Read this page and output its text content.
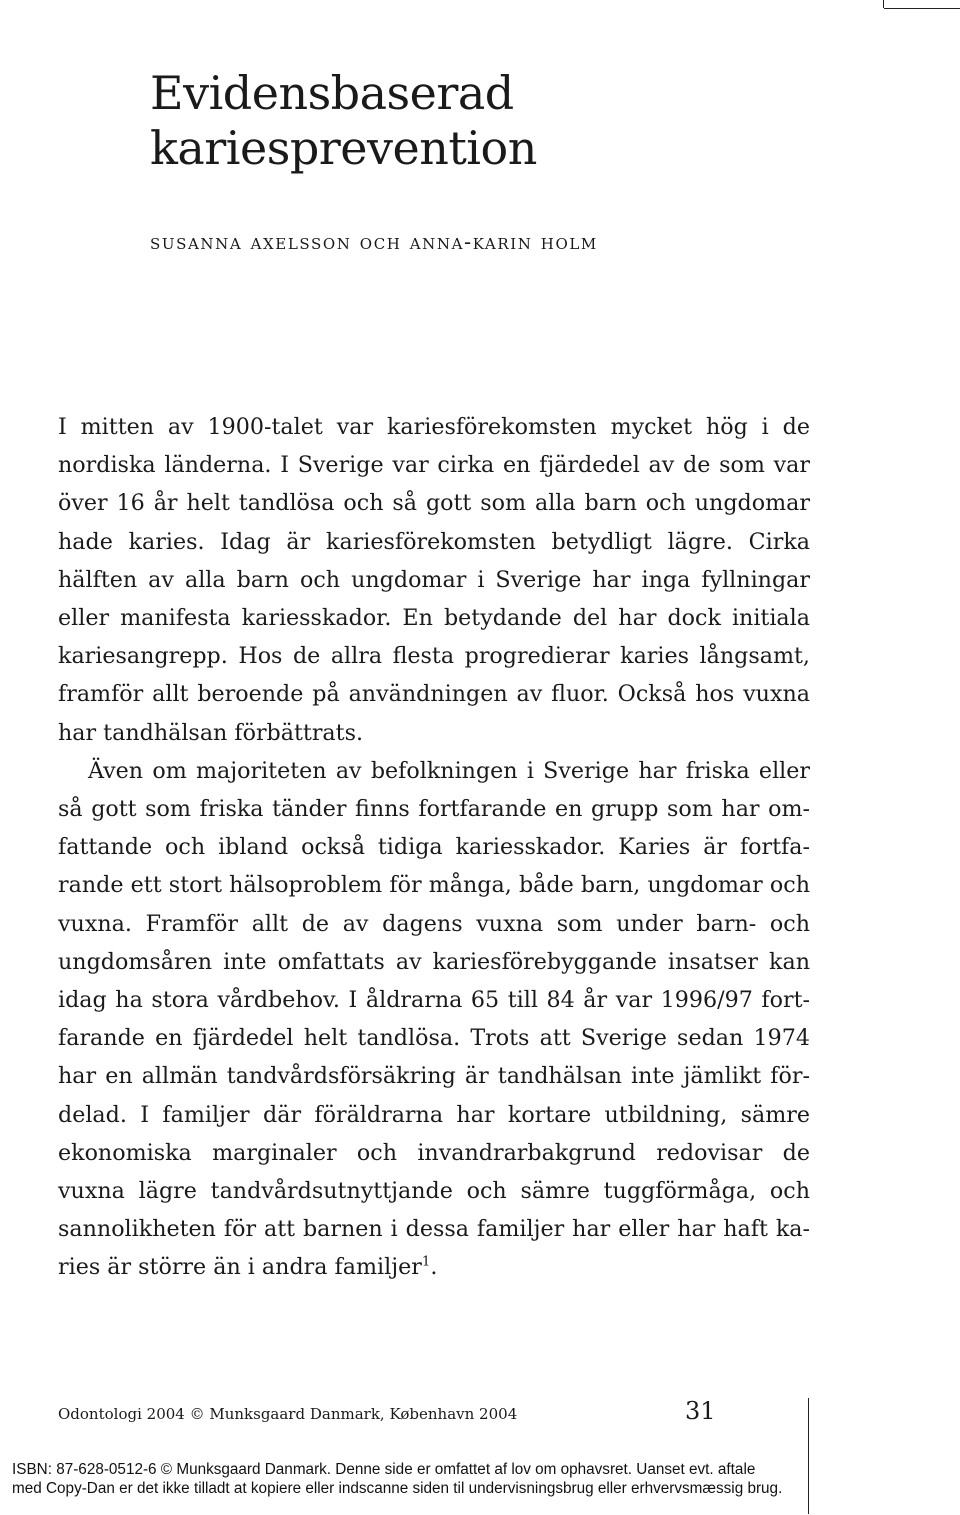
Evidensbaserad
kariesprevention
susanna axelsson och anna-karin holm

I mitten av 1900-talet var kariesförekomsten mycket hög i de nordiska länderna. I Sverige var cirka en fjärdedel av de som var över 16 år helt tandlösa och så gott som alla barn och ungdomar hade karies. Idag är kariesförekomsten betydligt lägre. Cirka hälften av alla barn och ungdomar i Sverige har inga fyllningar eller manifesta kariesskador. En betydande del har dock initiala kariesangrepp. Hos de allra flesta progredierar karies långsamt, framför allt beroende på användningen av fluor. Också hos vuxna har tandhälsan förbättrats.

Även om majoriteten av befolkningen i Sverige har friska eller så gott som friska tänder finns fortfarande en grupp som har omfattande och ibland också tidiga kariesskador. Karies är fortfarande ett stort hälsoproblem för många, både barn, ungdomar och vuxna. Framför allt de av dagens vuxna som under barn- och ungdomsåren inte omfattats av kariesförebyggande insatser kan idag ha stora vårdbehov. I åldrarna 65 till 84 år var 1996/97 fortfarande en fjärdedel helt tandlösa. Trots att Sverige sedan 1974 har en allmän tandvårdsförsäkring är tandhälsan inte jämlikt fördelad. I familjer där föräldrarna har kortare utbildning, sämre ekonomiska marginaler och invandrarbakgrund redovisar de vuxna lägre tandvårdsutnyttjande och sämre tuggförmåga, och sannolikheten för att barnen i dessa familjer har eller har haft karies är större än i andra familjer$^1$.

Odontologi 2004 © Munksgaard Danmark, København 2004	31
ISBN: 87-628-0512-6 © Munksgaard Danmark. Denne side er omfattet af lov om ophavsret. Uanset evt. aftale
med Copy-Dan er det ikke tilladt at kopiere eller indscanne siden til undervisningsbrug eller erhvervsmæssig brug.
